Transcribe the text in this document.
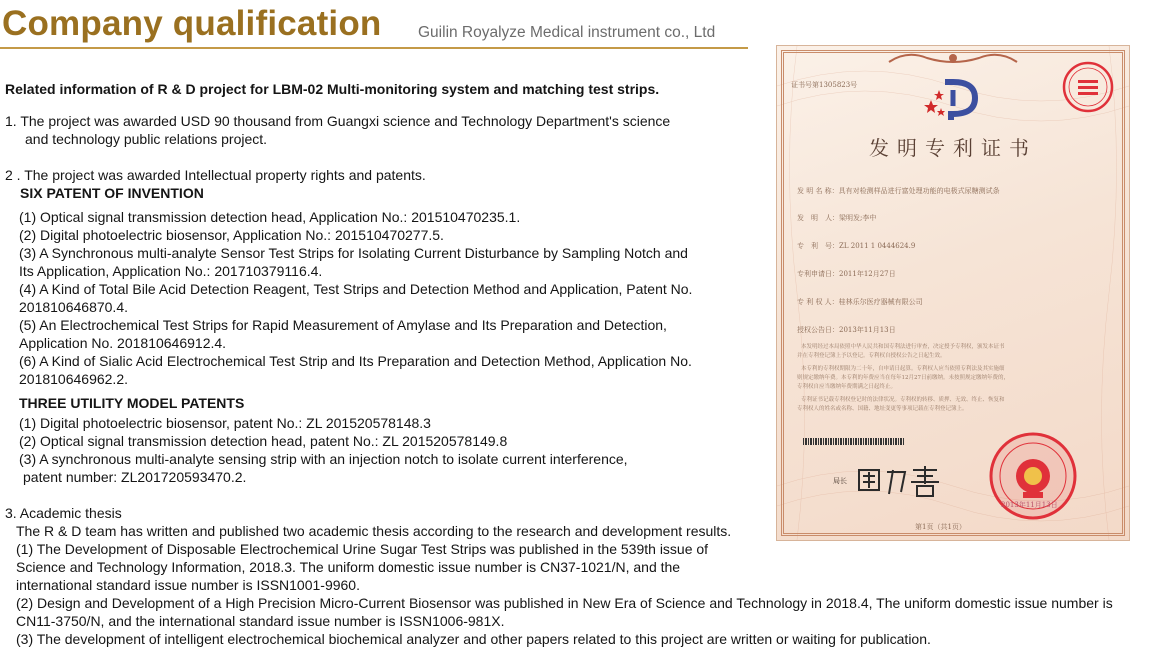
Company qualification Guilin Royalyze Medical instrument co., Ltd
Related information of R & D project for LBM-02 Multi-monitoring system and matching test strips.
1. The project was awarded USD 90 thousand from Guangxi science and Technology Department's science
and technology public relations project.
2 . The project was awarded Intellectual property rights and patents.
SIX PATENT OF INVENTION
(1) Optical signal transmission detection head, Application No.: 201510470235.1.
(2) Digital photoelectric biosensor, Application No.: 201510470277.5.
(3) A Synchronous multi-analyte Sensor Test Strips for Isolating Current Disturbance by Sampling Notch and
Its Application, Application No.: 201710379116.4.
(4) A Kind of Total Bile Acid Detection Reagent, Test Strips and Detection Method and Application, Patent No.
201810646870.4.
(5) An Electrochemical Test Strips for Rapid Measurement of Amylase and Its Preparation and Detection,
Application No. 201810646912.4.
(6) A Kind of Sialic Acid Electrochemical Test Strip and Its Preparation and Detection Method, Application No.
201810646962.2.
THREE UTILITY MODEL PATENTS
(1) Digital photoelectric biosensor, patent No.: ZL 201520578148.3
(2) Optical signal transmission detection head, patent No.: ZL 201520578149.8
(3) A synchronous multi-analyte sensing strip with an injection notch to isolate current interference,
patent number: ZL201720593470.2.
3. Academic thesis
The R & D team has written and published two academic thesis according to the research and development results.
(1) The Development of Disposable Electrochemical Urine Sugar Test Strips was published in the 539th issue of
Science and Technology Information, 2018.3. The uniform domestic issue number is CN37-1021/N, and the
international standard issue number is ISSN1001-9960.
(2) Design and Development of a High Precision Micro-Current Biosensor was published in New Era of Science and Technology in 2018.4, The uniform domestic issue number is
CN11-3750/N, and the international standard issue number is ISSN1006-981X.
(3) The development of intelligent electrochemical biochemical analyzer and other papers related to this project are written or waiting for publication.
证书号第1305823号
发明专利证书
发 明 名 称：具有对检测样品进行富处理功能的电极式尿糖测试条
发　明　人：梁明发;李中
专　利　号：ZL 2011 1 0444624.9
专利申请日：2011年12月27日
专 利 权 人：桂林乐尔医疗器械有限公司
授权公告日：2013年11月13日
本发明经过本局依照中华人民共和国专利法进行审查，决定授予专利权，颁发本证书
并在专利登记簿上予以登记。专利权自授权公告之日起生效。
本专利的专利权期限为二十年，自申请日起算。专利权人应当依照专利法及其实施细
则规定缴纳年费。本专利的年费应当在每年12月27日前缴纳。未按照规定缴纳年费的，
专利权自应当缴纳年费期满之日起终止。
专利证书记载专利权登记时的法律状况。专利权的转移、质押、无效、终止、恢复和
专利权人的姓名或名称、国籍、地址变更等事项记载在专利登记簿上。
局长
2013年11月13日
第1页（共1页）
